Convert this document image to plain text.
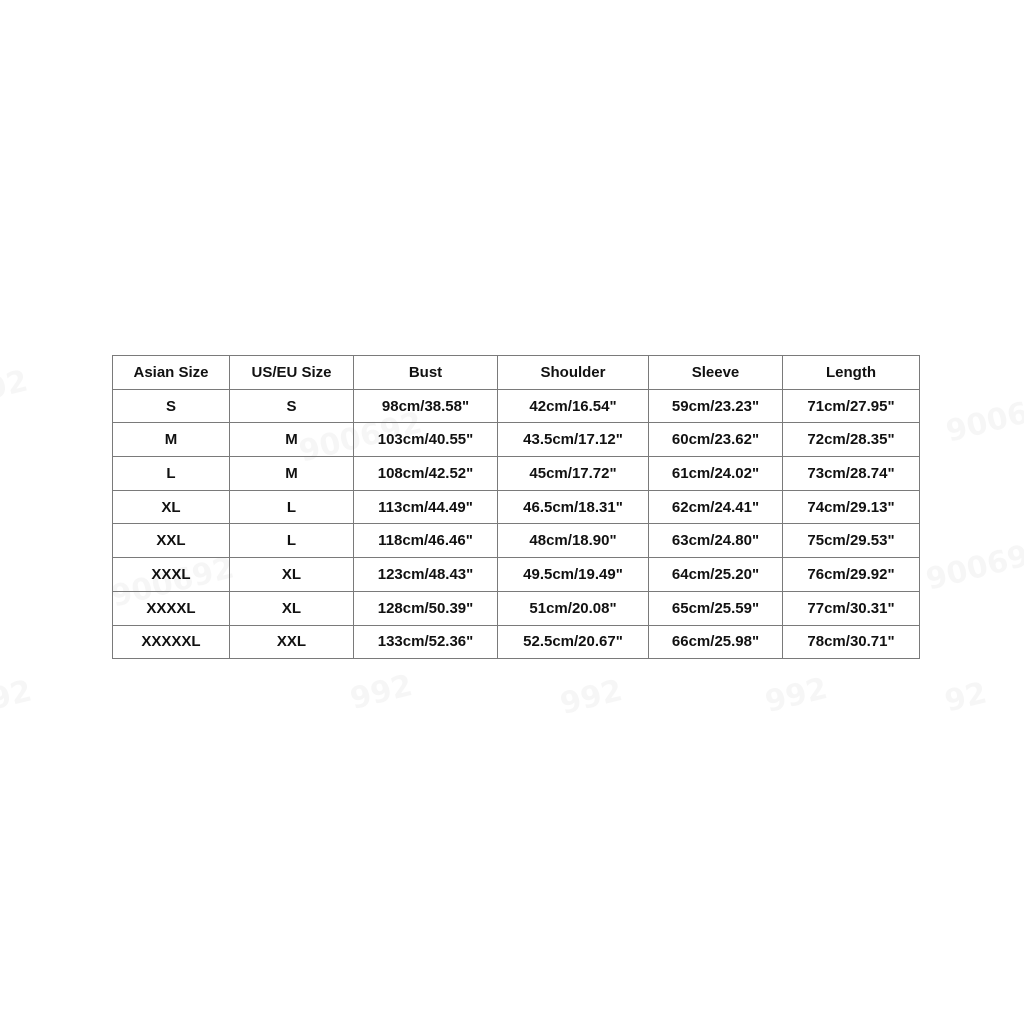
Asian Size	US/EU Size	Bust	Shoulder	Sleeve	Length
S	S	98cm/38.58"	42cm/16.54"	59cm/23.23"	71cm/27.95"
M	M	103cm/40.55"	43.5cm/17.12"	60cm/23.62"	72cm/28.35"
L	M	108cm/42.52"	45cm/17.72"	61cm/24.02"	73cm/28.74"
XL	L	113cm/44.49"	46.5cm/18.31"	62cm/24.41"	74cm/29.13"
XXL	L	118cm/46.46"	48cm/18.90"	63cm/24.80"	75cm/29.53"
XXXL	XL	123cm/48.43"	49.5cm/19.49"	64cm/25.20"	76cm/29.92"
XXXXL	XL	128cm/50.39"	51cm/20.08"	65cm/25.59"	77cm/30.31"
XXXXXL	XXL	133cm/52.36"	52.5cm/20.67"	66cm/25.98"	78cm/30.71"
